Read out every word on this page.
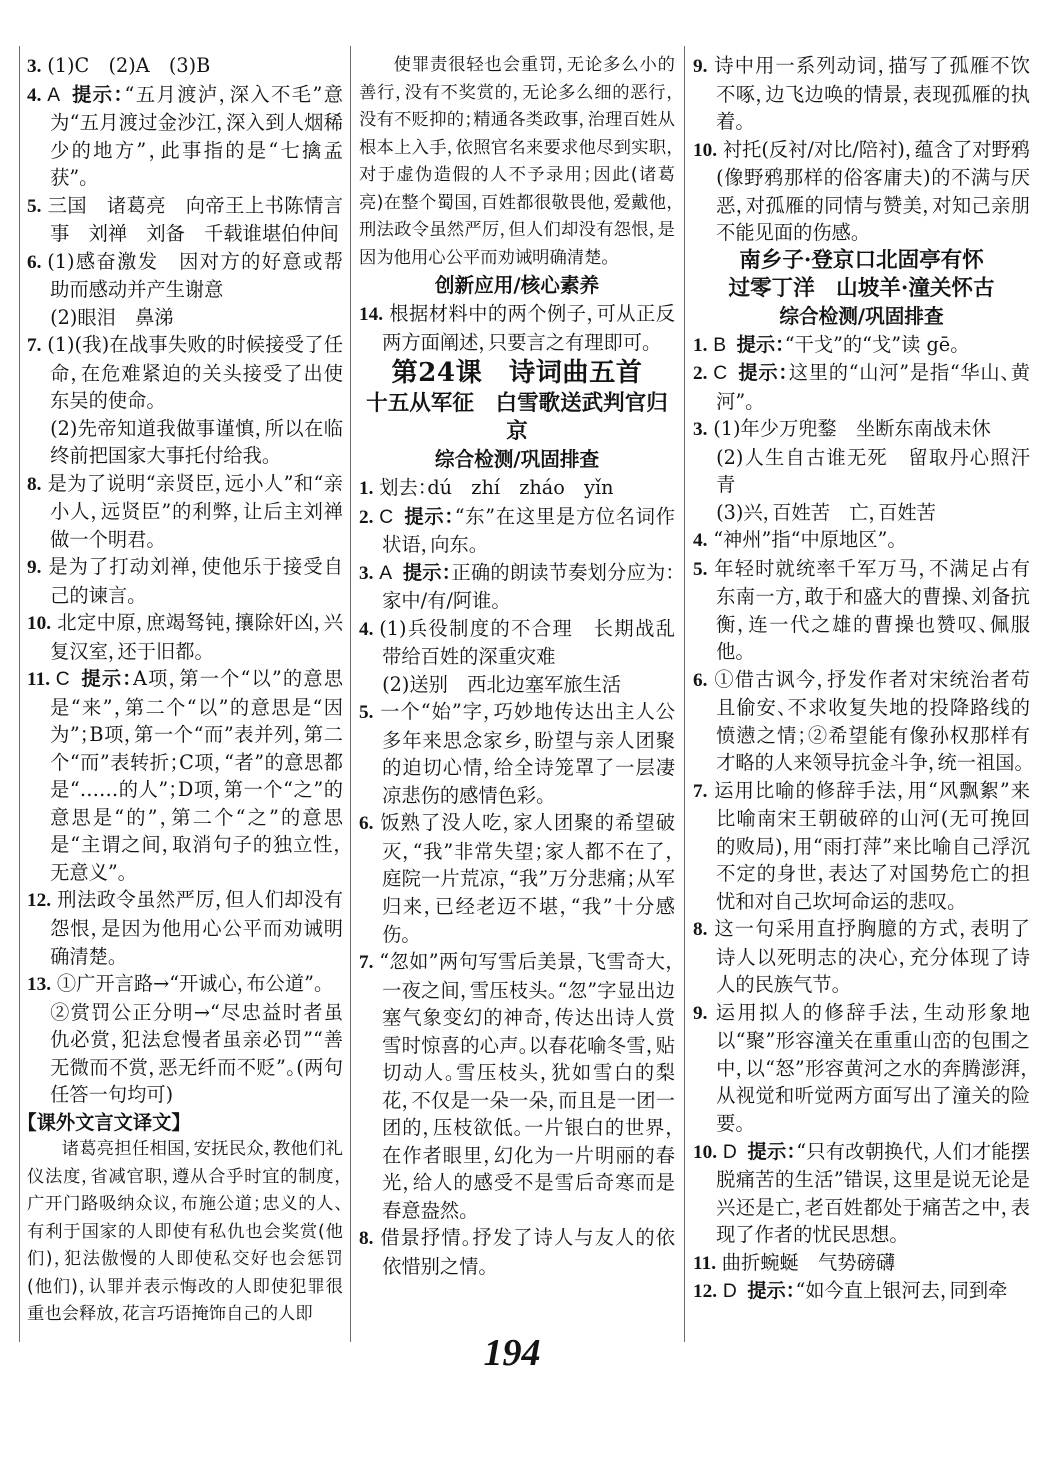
3. (1)C　(2)A　(3)B
4. A 提示：“五月渡泸，深入不毛”意为“五月渡过金沙江，深入到人烟稀少的地方”，此事指的是“七擒孟获”。
5. 三国　诸葛亮　向帝王上书陈情言事　刘禅　刘备　千载谁堪伯仲间
6. (1)感奋激发　因对方的好意或帮助而感动并产生谢意
(2)眼泪　鼻涕
7. (1)(我)在战事失败的时候接受了任命，在危难紧迫的关头接受了出使东吴的使命。
(2)先帝知道我做事谨慎，所以在临终前把国家大事托付给我。
8. 是为了说明“亲贤臣，远小人”和“亲小人，远贤臣”的利弊，让后主刘禅做一个明君。
9. 是为了打动刘禅，使他乐于接受自己的谏言。
10. 北定中原，庶竭驽钝，攘除奸凶，兴复汉室，还于旧都。
11. C 提示：A项，第一个“以”的意思是“来”，第二个“以”的意思是“因为”；B项，第一个“而”表并列，第二个“而”表转折；C项，“者”的意思都是“……的人”；D项，第一个“之”的意思是“的”，第二个“之”的意思是“主谓之间，取消句子的独立性，无意义”。
12. 刑法政令虽然严厉，但人们却没有怨恨，是因为他用心公平而劝诫明确清楚。
13. ①广开言路→“开诚心，布公道”。
②赏罚公正分明→“尽忠益时者虽仇必赏，犯法怠慢者虽亲必罚”“善无微而不赏，恶无纤而不贬”。(两句任答一句均可)
【课外文言文译文】
诸葛亮担任相国，安抚民众，教他们礼仪法度，省减官职，遵从合乎时宜的制度，广开门路吸纳众议，布施公道；忠义的人、有利于国家的人即使有私仇也会奖赏(他们)，犯法傲慢的人即使私交好也会惩罚(他们)，认罪并表示悔改的人即使犯罪很重也会释放，花言巧语掩饰自己的人即
使罪责很轻也会重罚，无论多么小的善行，没有不奖赏的，无论多么细的恶行，没有不贬抑的；精通各类政事，治理百姓从根本上入手，依照官名来要求他尽到实职，对于虚伪造假的人不予录用；因此(诸葛亮)在整个蜀国，百姓都很敬畏他，爱戴他，刑法政令虽然严厉，但人们却没有怨恨，是因为他用心公平而劝诫明确清楚。
创新应用/核心素养
14. 根据材料中的两个例子，可从正反两方面阐述，只要言之有理即可。
第24课　诗词曲五首
十五从军征　白雪歌送武判官归京
综合检测/巩固排查
1. 划去：dú　zhí　zháo　yǐn
2. C 提示：“东”在这里是方位名词作状语，向东。
3. A 提示：正确的朗读节奏划分应为：家中/有/阿谁。
4. (1)兵役制度的不合理　长期战乱带给百姓的深重灾难
(2)送别　西北边塞军旅生活
5. 一个“始”字，巧妙地传达出主人公多年来思念家乡，盼望与亲人团聚的迫切心情，给全诗笼罩了一层凄凉悲伤的感情色彩。
6. 饭熟了没人吃，家人团聚的希望破灭，“我”非常失望；家人都不在了，庭院一片荒凉，“我”万分悲痛；从军归来，已经老迈不堪，“我”十分感伤。
7. “忽如”两句写雪后美景，飞雪奇大，一夜之间，雪压枝头。“忽”字显出边塞气象变幻的神奇，传达出诗人赏雪时惊喜的心声。以春花喻冬雪，贴切动人。雪压枝头，犹如雪白的梨花，不仅是一朵一朵，而且是一团一团的，压枝欲低。一片银白的世界，在作者眼里，幻化为一片明丽的春光，给人的感受不是雪后奇寒而是春意盎然。
8. 借景抒情。抒发了诗人与友人的依依惜别之情。
9. 诗中用一系列动词，描写了孤雁不饮不啄，边飞边唤的情景，表现孤雁的执着。
10. 衬托(反衬/对比/陪衬)，蕴含了对野鸦(像野鸦那样的俗客庸夫)的不满与厌恶，对孤雁的同情与赞美，对知己亲朋不能见面的伤感。
南乡子·登京口北固亭有怀
过零丁洋　山坡羊·潼关怀古
综合检测/巩固排查
1. B 提示：“干戈”的“戈”读 gē。
2. C 提示：这里的“山河”是指“华山、黄河”。
3. (1)年少万兜鍪　坐断东南战未休
(2)人生自古谁无死　留取丹心照汗青
(3)兴，百姓苦　亡，百姓苦
4. “神州”指“中原地区”。
5. 年轻时就统率千军万马，不满足占有东南一方，敢于和盛大的曹操、刘备抗衡，连一代之雄的曹操也赞叹、佩服他。
6. ①借古讽今，抒发作者对宋统治者苟且偷安、不求收复失地的投降路线的愤懑之情；②希望能有像孙权那样有才略的人来领导抗金斗争，统一祖国。
7. 运用比喻的修辞手法，用“风飘絮”来比喻南宋王朝破碎的山河(无可挽回的败局)，用“雨打萍”来比喻自己浮沉不定的身世，表达了对国势危亡的担忧和对自己坎坷命运的悲叹。
8. 这一句采用直抒胸臆的方式，表明了诗人以死明志的决心，充分体现了诗人的民族气节。
9. 运用拟人的修辞手法，生动形象地以“聚”形容潼关在重重山峦的包围之中，以“怒”形容黄河之水的奔腾澎湃，从视觉和听觉两方面写出了潼关的险要。
10. D 提示：“只有改朝换代，人们才能摆脱痛苦的生活”错误，这里是说无论是兴还是亡，老百姓都处于痛苦之中，表现了作者的忧民思想。
11. 曲折蜿蜒　气势磅礴
12. D 提示：“如今直上银河去，同到牵
194
